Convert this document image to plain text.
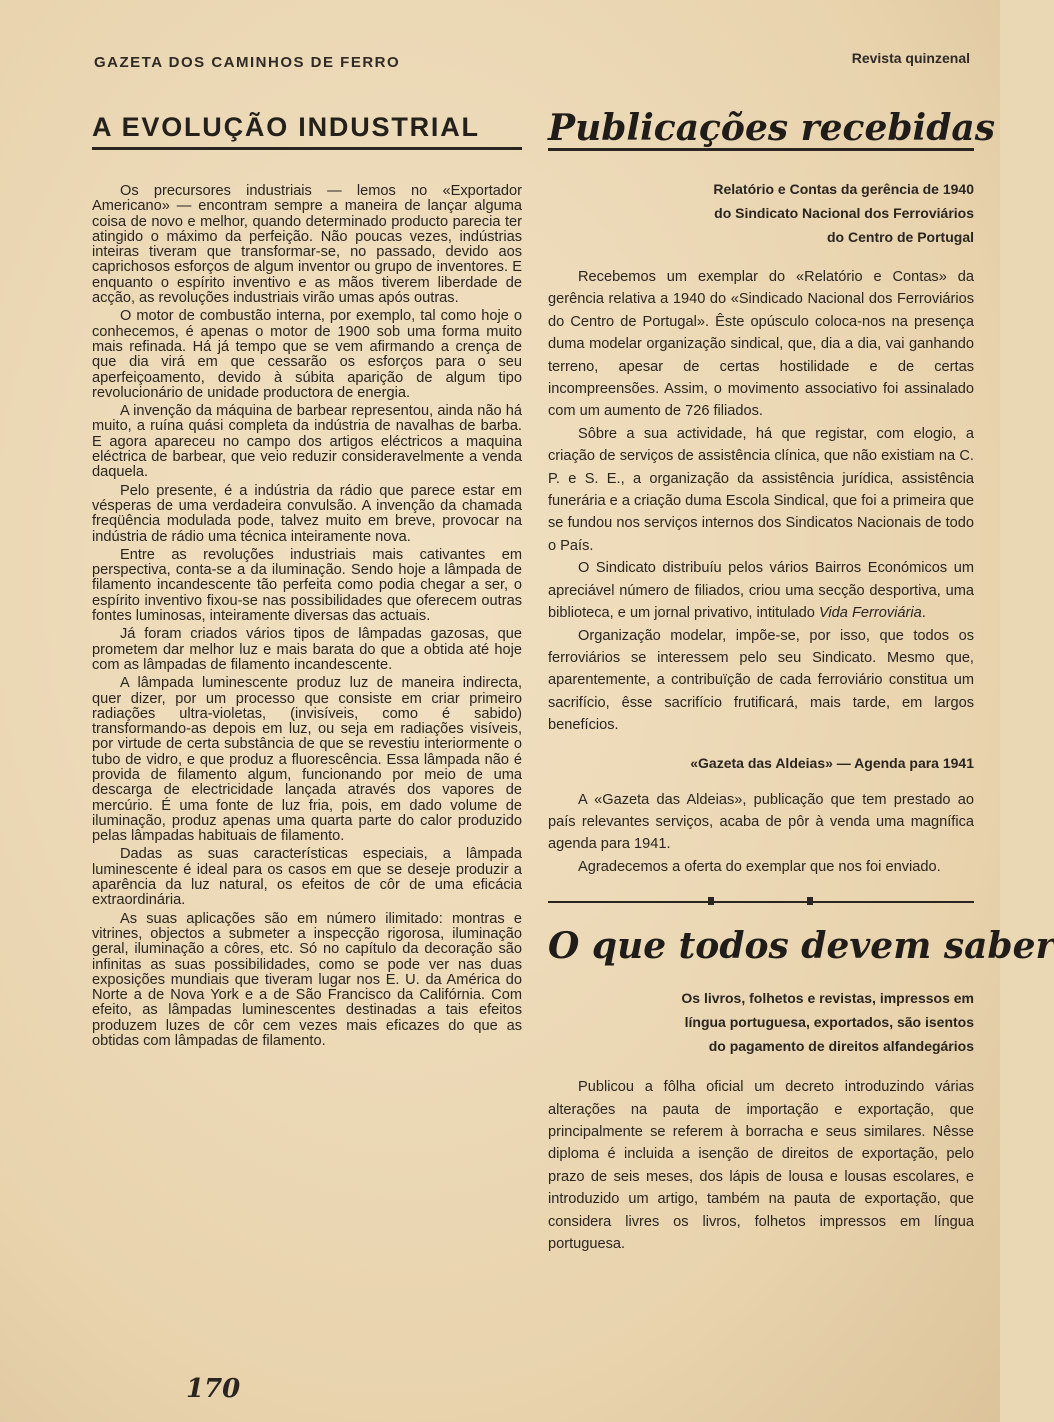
GAZETA DOS CAMINHOS DE FERRO	Revista quinzenal
A EVOLUÇÃO INDUSTRIAL

Os precursores industriais — lemos no «Exportador Americano» — encontram sempre a maneira de lançar alguma coisa de novo e melhor, quando determinado producto parecia ter atingido o máximo da perfeição. Não poucas vezes, indústrias inteiras tiveram que transformar-se, no passado, devido aos caprichosos esforços de algum inventor ou grupo de inventores. E enquanto o espírito inventivo e as mãos tiverem liberdade de acção, as revoluções industriais virão umas após outras.

O motor de combustão interna, por exemplo, tal como hoje o conhecemos, é apenas o motor de 1900 sob uma forma muito mais refinada. Há já tempo que se vem afirmando a crença de que dia virá em que cessarão os esforços para o seu aperfeiçoamento, devido à súbita aparição de algum tipo revolucionário de unidade productora de energia.

A invenção da máquina de barbear representou, ainda não há muito, a ruína quási completa da indústria de navalhas de barba. E agora apareceu no campo dos artigos eléctricos a maquina eléctrica de barbear, que veio reduzir consideravelmente a venda daquela.

Pelo presente, é a indústria da rádio que parece estar em vésperas de uma verdadeira convulsão. A invenção da chamada freqüência modulada pode, talvez muito em breve, provocar na indústria de rádio uma técnica inteiramente nova.

Entre as revoluções industriais mais cativantes em perspectiva, conta-se a da iluminação. Sendo hoje a lâmpada de filamento incandescente tão perfeita como podia chegar a ser, o espírito inventivo fixou-se nas possibilidades que oferecem outras fontes luminosas, inteiramente diversas das actuais.

Já foram criados vários tipos de lâmpadas gazosas, que prometem dar melhor luz e mais barata do que a obtida até hoje com as lâmpadas de filamento incandescente.

A lâmpada luminescente produz luz de maneira indirecta, quer dizer, por um processo que consiste em criar primeiro radiações ultra-violetas, (invisíveis, como é sabido) transformando-as depois em luz, ou seja em radiações visíveis, por virtude de certa substância de que se revestiu interiormente o tubo de vidro, e que produz a fluorescência. Essa lâmpada não é provida de filamento algum, funcionando por meio de uma descarga de electricidade lançada através dos vapores de mercúrio. É uma fonte de luz fria, pois, em dado volume de iluminação, produz apenas uma quarta parte do calor produzido pelas lâmpadas habituais de filamento.

Dadas as suas características especiais, a lâmpada luminescente é ideal para os casos em que se deseje produzir a aparência da luz natural, os efeitos de côr de uma eficácia extraordinária.

As suas aplicações são em número ilimitado: montras e vitrines, objectos a submeter a inspecção rigorosa, iluminação geral, iluminação a côres, etc. Só no capítulo da decoração são infinitas as suas possibilidades, como se pode ver nas duas exposições mundiais que tiveram lugar nos E. U. da América do Norte a de Nova York e a de São Francisco da Califórnia. Com efeito, as lâmpadas luminescentes destinadas a tais efeitos produzem luzes de côr cem vezes mais eficazes do que as obtidas com lâmpadas de filamento.

Publicações recebidas
Relatório e Contas da gerência de 1940
do Sindicato Nacional dos Ferroviários
do Centro de Portugal

Recebemos um exemplar do «Relatório e Contas» da gerência relativa a 1940 do «Sindicado Nacional dos Ferroviários do Centro de Portugal». Êste opúsculo coloca-nos na presença duma modelar organização sindical, que, dia a dia, vai ganhando terreno, apesar de certas hostilidade e de certas incompreensões. Assim, o movimento associativo foi assinalado com um aumento de 726 filiados.

Sôbre a sua actividade, há que registar, com elogio, a criação de serviços de assistência clínica, que não existiam na C. P. e S. E., a organização da assistência jurídica, assistência funerária e a criação duma Escola Sindical, que foi a primeira que se fundou nos serviços internos dos Sindicatos Nacionais de todo o País.

O Sindicato distribuíu pelos vários Bairros Económicos um apreciável número de filiados, criou uma secção desportiva, uma biblioteca, e um jornal privativo, intitulado Vida Ferroviária.

Organização modelar, impõe-se, por isso, que todos os ferroviários se interessem pelo seu Sindicato. Mesmo que, aparentemente, a contribuïção de cada ferroviário constitua um sacrifício, êsse sacrifício frutificará, mais tarde, em largos benefícios.

«Gazeta das Aldeias» — Agenda para 1941

A «Gazeta das Aldeias», publicação que tem prestado ao país relevantes serviços, acaba de pôr à venda uma magnífica agenda para 1941.

Agradecemos a oferta do exemplar que nos foi enviado.

O que todos devem saber
Os livros, folhetos e revistas, impressos em
língua portuguesa, exportados, são isentos
do pagamento de direitos alfandegários

Publicou a fôlha oficial um decreto introduzindo várias alterações na pauta de importação e exportação, que principalmente se referem à borracha e seus similares. Nêsse diploma é incluida a isenção de direitos de exportação, pelo prazo de seis meses, dos lápis de lousa e lousas escolares, e introduzido um artigo, também na pauta de exportação, que considera livres os livros, folhetos impressos em língua portuguesa.

170
